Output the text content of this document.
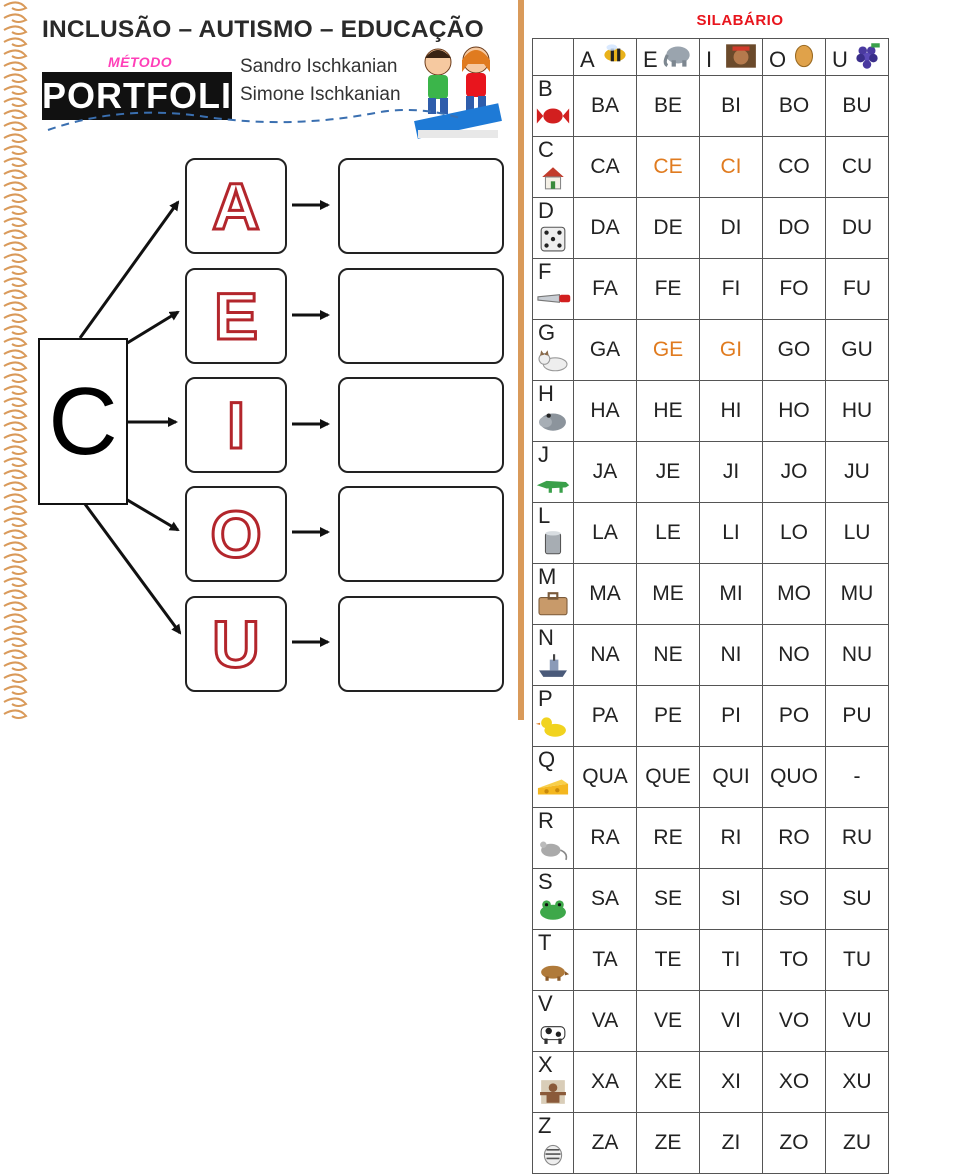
INCLUSÃO – AUTISMO – EDUCAÇÃO
MÉTODO
PORTFOLIO
Sandro Ischkanian
Simone Ischkanian
A
E
I
O
U
C
SILABÁRIO

	A	E	I	O	U

B	BA	BE	BI	BO	BU
C	CA	CE	CI	CO	CU
D	DA	DE	DI	DO	DU
F	FA	FE	FI	FO	FU
G	GA	GE	GI	GO	GU
H	HA	HE	HI	HO	HU
J	JA	JE	JI	JO	JU
L	LA	LE	LI	LO	LU
M	MA	ME	MI	MO	MU
N	NA	NE	NI	NO	NU
P	PA	PE	PI	PO	PU
Q	QUA	QUE	QUI	QUO	-
R	RA	RE	RI	RO	RU
S	SA	SE	SI	SO	SU
T	TA	TE	TI	TO	TU
V	VA	VE	VI	VO	VU
X	XA	XE	XI	XO	XU
Z	ZA	ZE	ZI	ZO	ZU
